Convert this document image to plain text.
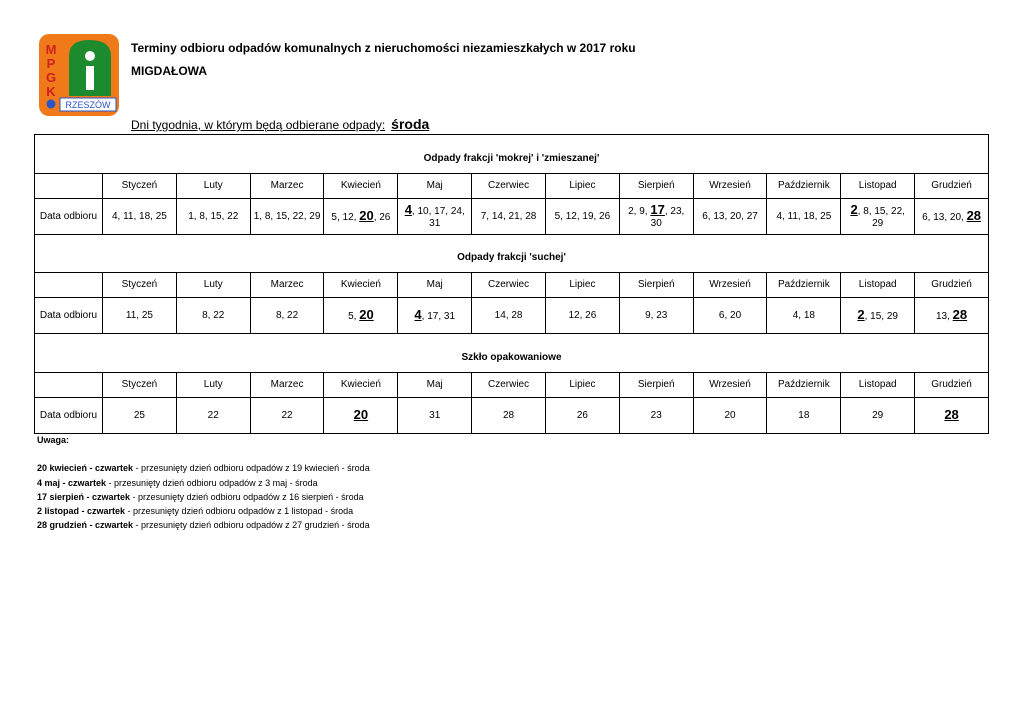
M
P
G
K
RZESZÓW
Terminy odbioru odpadów komunalnych z nieruchomości niezamieszkałych w 2017 roku
MIGDAŁOWA
Dni tygodnia, w którym będą odbierane odpady: środa
Odpady frakcji 'mokrej' i 'zmieszanej'												
	Styczeń	Luty	Marzec	Kwiecień	Maj	Czerwiec	Lipiec	Sierpień	Wrzesień	Październik	Listopad	Grudzień
Data odbioru	4, 11, 18, 25	1, 8, 15, 22	1, 8, 15, 22, 29	5, 12, 20, 26	4, 10, 17, 24, 31	7, 14, 21, 28	5, 12, 19, 26	2, 9, 17, 23, 30	6, 13, 20, 27	4, 11, 18, 25	2, 8, 15, 22, 29	6, 13, 20, 28
Odpady frakcji 'suchej'												
	Styczeń	Luty	Marzec	Kwiecień	Maj	Czerwiec	Lipiec	Sierpień	Wrzesień	Październik	Listopad	Grudzień
Data odbioru	11, 25	8, 22	8, 22	5, 20	4, 17, 31	14, 28	12, 26	9, 23	6, 20	4, 18	2, 15, 29	13, 28
Szkło opakowaniowe												
	Styczeń	Luty	Marzec	Kwiecień	Maj	Czerwiec	Lipiec	Sierpień	Wrzesień	Październik	Listopad	Grudzień
Data odbioru	25	22	22	20	31	28	26	23	20	18	29	28
Uwaga:
20 kwiecień - czwartek - przesunięty dzień odbioru odpadów z 19 kwiecień - środa
4 maj - czwartek - przesunięty dzień odbioru odpadów z 3 maj - środa
17 sierpień - czwartek - przesunięty dzień odbioru odpadów z 16 sierpień - środa
2 listopad - czwartek - przesunięty dzień odbioru odpadów z 1 listopad - środa
28 grudzień - czwartek - przesunięty dzień odbioru odpadów z 27 grudzień - środa
